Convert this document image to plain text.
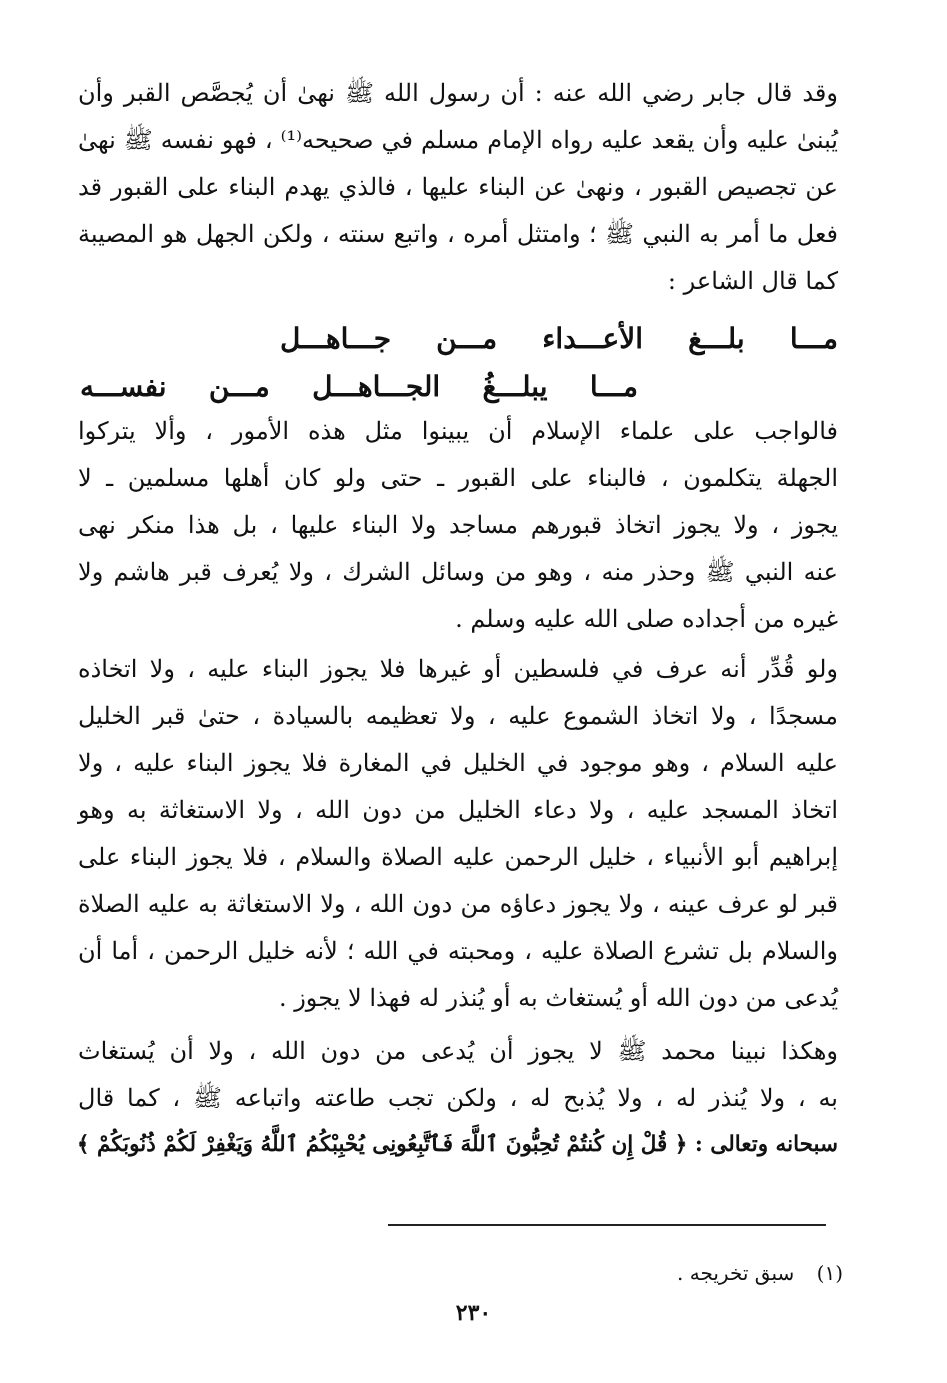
وقد قال جابر رضي الله عنه : أن رسول الله ﷺ نهىٰ أن يُجصَّص القبر وأن
يُبنىٰ عليه وأن يقعد عليه رواه الإمام مسلم في صحيحه⁽¹⁾ ، فهو نفسه ﷺ نهىٰ
عن تجصيص القبور ، ونهىٰ عن البناء عليها ، فالذي يهدم البناء على القبور قد
فعل ما أمر به النبي ﷺ ؛ وامتثل أمره ، واتبع سنته ، ولكن الجهل هو المصيبة
كما قال الشاعر :
مـــا بلـــغ الأعـــداء مـــن جـــاهـــل
مـــا يبلـــغُ الجـــاهـــل مـــن نفســـه
فالواجب على علماء الإسلام أن يبينوا مثل هذه الأمور ، وألا يتركوا
الجهلة يتكلمون ، فالبناء على القبور ـ حتى ولو كان أهلها مسلمين ـ لا
يجوز ، ولا يجوز اتخاذ قبورهم مساجد ولا البناء عليها ، بل هذا منكر نهى
عنه النبي ﷺ وحذر منه ، وهو من وسائل الشرك ، ولا يُعرف قبر هاشم ولا
غيره من أجداده صلى الله عليه وسلم .
ولو قُدِّر أنه عرف في فلسطين أو غيرها فلا يجوز البناء عليه ، ولا اتخاذه
مسجدًا ، ولا اتخاذ الشموع عليه ، ولا تعظيمه بالسيادة ، حتىٰ قبر الخليل
عليه السلام ، وهو موجود في الخليل في المغارة فلا يجوز البناء عليه ، ولا
اتخاذ المسجد عليه ، ولا دعاء الخليل من دون الله ، ولا الاستغاثة به وهو
إبراهيم أبو الأنبياء ، خليل الرحمن عليه الصلاة والسلام ، فلا يجوز البناء على
قبر لو عرف عينه ، ولا يجوز دعاؤه من دون الله ، ولا الاستغاثة به عليه الصلاة
والسلام بل تشرع الصلاة عليه ، ومحبته في الله ؛ لأنه خليل الرحمن ، أما أن
يُدعى من دون الله أو يُستغاث به أو يُنذر له فهذا لا يجوز .
وهكذا نبينا محمد ﷺ لا يجوز أن يُدعى من دون الله ، ولا أن يُستغاث
به ، ولا يُنذر له ، ولا يُذبح له ، ولكن تجب طاعته واتباعه ﷺ ، كما قال
سبحانه وتعالى : ﴿ قُلْ إِن كُنتُمْ تُحِبُّونَ ٱللَّهَ فَٱتَّبِعُونِى يُحْبِبْكُمُ ٱللَّهُ وَيَغْفِرْ لَكُمْ ذُنُوبَكُمْ ﴾
(١) سبق تخريجه .
٢٣٠
